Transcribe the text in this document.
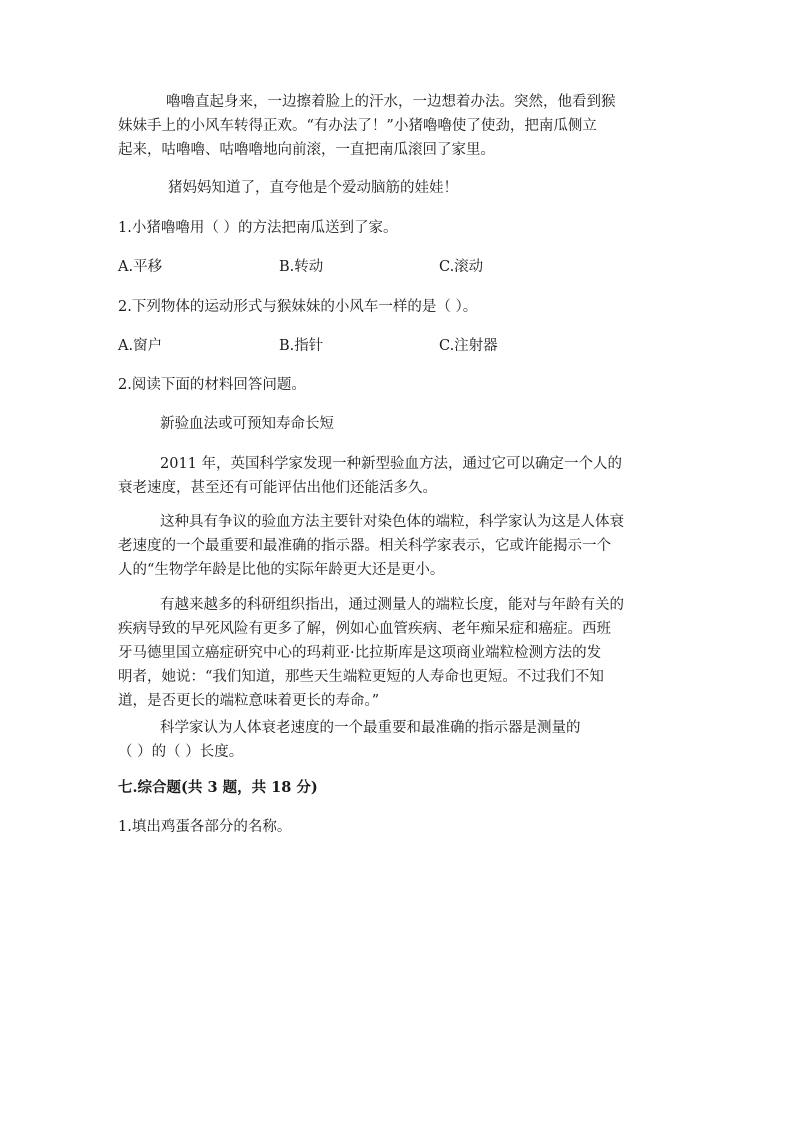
嚕嚕直起身来，一边擦着脸上的汗水，一边想着办法。突然，他看到猴
妹妹手上的小风车转得正欢。“有办法了！”小猪嚕嚕使了使劲，把南瓜侧立
起来，咕嚕嚕、咕嚕嚕地向前滚，一直把南瓜滚回了家里。
猪妈妈知道了，直夸他是个爱动脑筋的娃娃！
1.小猪嚕嚕用（ ）的方法把南瓜送到了家。
A.平移	B.转动	C.滚动
2.下列物体的运动形式与猴妹妹的小风车一样的是（ ）。
A.窗户	B.指针	C.注射器
2.阅读下面的材料回答问题。
新验血法或可预知寿命长短
2011 年，英国科学家发现一种新型验血方法，通过它可以确定一个人的
衰老速度，甚至还有可能评估出他们还能活多久。
这种具有争议的验血方法主要针对染色体的端粒，科学家认为这是人体衰
老速度的一个最重要和最准确的指示器。相关科学家表示，它或许能揭示一个
人的“生物学年龄是比他的实际年龄更大还是更小。
有越来越多的科研组织指出，通过测量人的端粒长度，能对与年龄有关的
疾病导致的早死风险有更多了解，例如心血管疾病、老年痴呆症和癌症。西班
牙马德里国立癌症研究中心的玛莉亚·比拉斯库是这项商业端粒检测方法的发
明者，她说：“我们知道，那些天生端粒更短的人寿命也更短。不过我们不知
道，是否更长的端粒意味着更长的寿命。”
科学家认为人体衰老速度的一个最重要和最准确的指示器是测量的
（ ）的（ ）长度。
七.综合题(共 3 题，共 18 分)
1.填出鸡蛋各部分的名称。
